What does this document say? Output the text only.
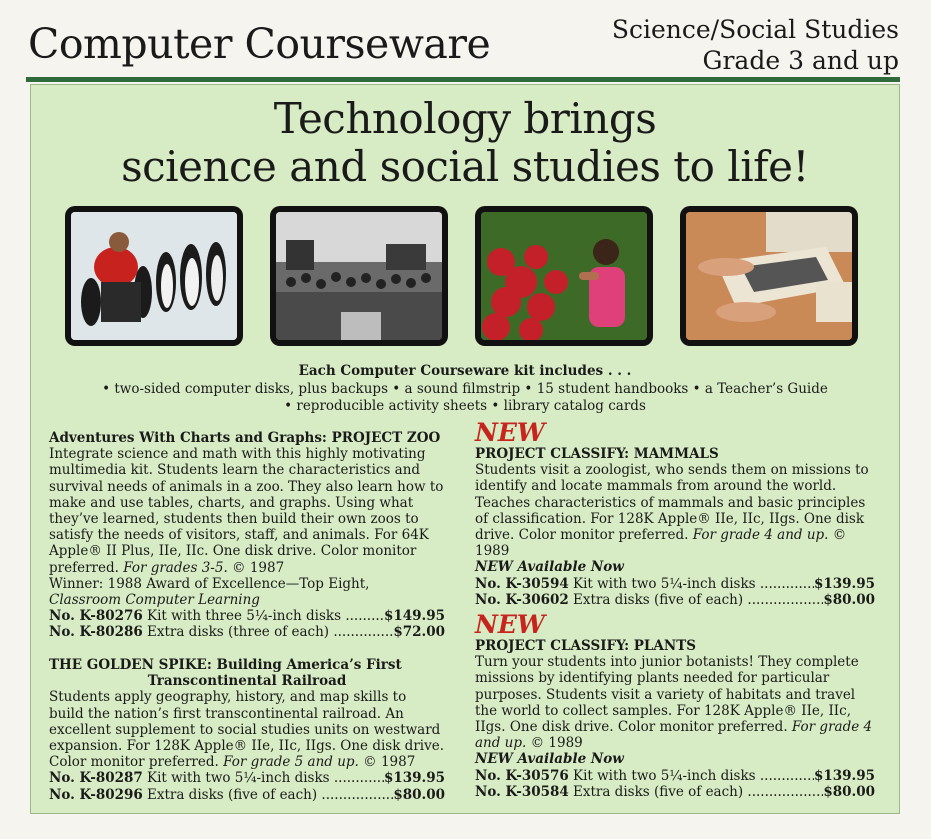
Computer Courseware	Science/Social Studies
Grade 3 and up
Technology brings
science and social studies to life!
Each Computer Courseware kit includes . . .
• two-sided computer disks, plus backups • a sound filmstrip • 15 student handbooks • a Teacher’s Guide
• reproducible activity sheets • library catalog cards
Adventures With Charts and Graphs: PROJECT ZOO
Integrate science and math with this highly motivating multimedia kit. Students learn the characteristics and survival needs of animals in a zoo. They also learn how to make and use tables, charts, and graphs. Using what they’ve learned, students then build their own zoos to satisfy the needs of visitors, staff, and animals. For 64K Apple® II Plus, IIe, IIc. One disk drive. Color monitor preferred. For grades 3-5. © 1987
Winner: 1988 Award of Excellence—Top Eight, Classroom Computer Learning
No. K-80276 Kit with three 5¼-inch disks .....	$149.95
No. K-80286 Extra disks (three of each) .....	$72.00
THE GOLDEN SPIKE: Building America’s First
Transcontinental Railroad
Students apply geography, history, and map skills to build the nation’s first transcontinental railroad. An excellent supplement to social studies units on westward expansion. For 128K Apple® IIe, IIc, IIgs. One disk drive. Color monitor preferred. For grade 5 and up. © 1987
No. K-80287 Kit with two 5¼-inch disks .....	$139.95
No. K-80296 Extra disks (five of each) .....	$80.00
NEW
PROJECT CLASSIFY: MAMMALS
Students visit a zoologist, who sends them on missions to identify and locate mammals from around the world. Teaches characteristics of mammals and basic principles of classification. For 128K Apple® IIe, IIc, IIgs. One disk drive. Color monitor preferred. For grade 4 and up. © 1989
NEW Available Now
No. K-30594 Kit with two 5¼-inch disks .....	$139.95
No. K-30602 Extra disks (five of each) .....	$80.00
NEW
PROJECT CLASSIFY: PLANTS
Turn your students into junior botanists! They complete missions by identifying plants needed for particular purposes. Students visit a variety of habitats and travel the world to collect samples. For 128K Apple® IIe, IIc, IIgs. One disk drive. Color monitor preferred. For grade 4 and up. © 1989
NEW Available Now
No. K-30576 Kit with two 5¼-inch disks .....	$139.95
No. K-30584 Extra disks (five of each) .....	$80.00
